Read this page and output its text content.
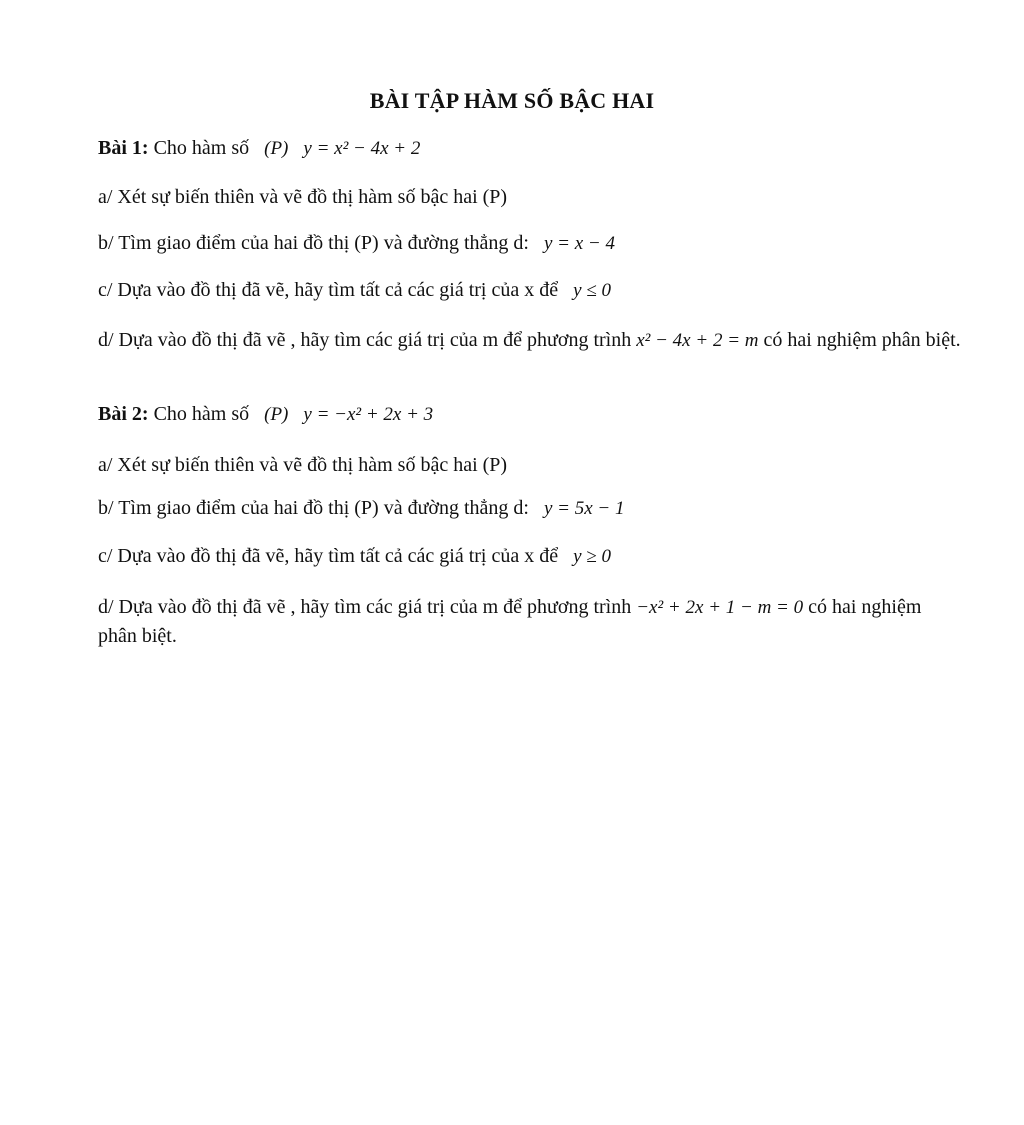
BÀI TẬP HÀM SỐ BẬC HAI
Bài 1: Cho hàm số (P) y = x² − 4x + 2
a/ Xét sự biến thiên và vẽ đồ thị hàm số bậc hai (P)
b/ Tìm giao điểm của hai đồ thị (P) và đường thẳng d: y = x − 4
c/ Dựa vào đồ thị đã vẽ, hãy tìm tất cả các giá trị của x để y ≤ 0
d/ Dựa vào đồ thị đã vẽ , hãy tìm các giá trị của m để phương trình x² − 4x + 2 = m có hai nghiệm phân biệt.
Bài 2: Cho hàm số (P) y = −x² + 2x + 3
a/ Xét sự biến thiên và vẽ đồ thị hàm số bậc hai (P)
b/ Tìm giao điểm của hai đồ thị (P) và đường thẳng d: y = 5x − 1
c/ Dựa vào đồ thị đã vẽ, hãy tìm tất cả các giá trị của x để y ≥ 0
d/ Dựa vào đồ thị đã vẽ , hãy tìm các giá trị của m để phương trình −x² + 2x + 1 − m = 0 có hai nghiệm phân biệt.
